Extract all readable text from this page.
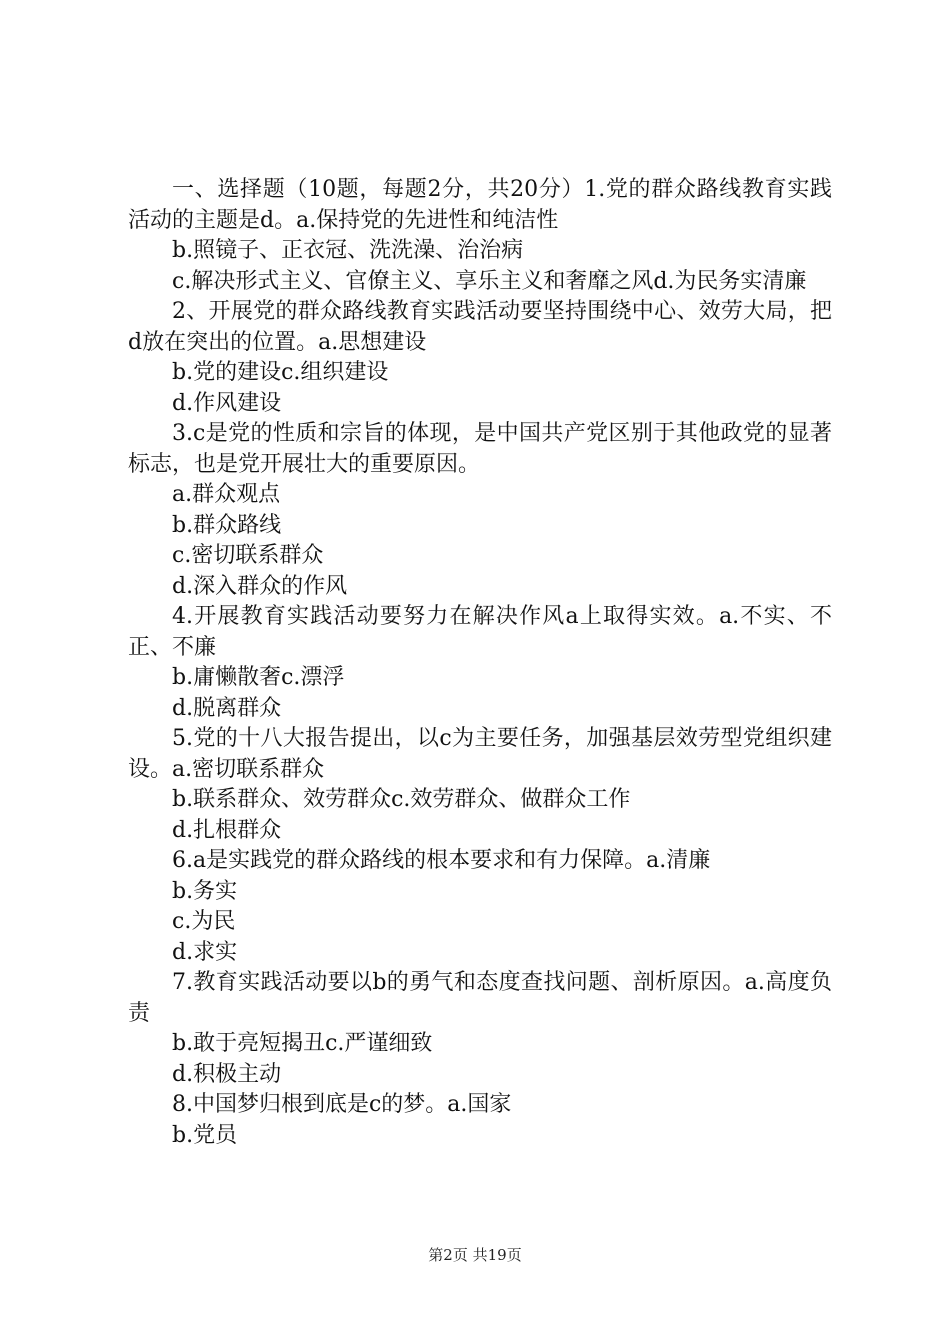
一、选择题（10题，每题2分，共20分）1.党的群众路线教育实践活动的主题是d。a.保持党的先进性和纯洁性

b.照镜子、正衣冠、洗洗澡、治治病

c.解决形式主义、官僚主义、享乐主义和奢靡之风d.为民务实清廉

2、开展党的群众路线教育实践活动要坚持围绕中心、效劳大局，把d放在突出的位置。a.思想建设

b.党的建设c.组织建设

d.作风建设

3.c是党的性质和宗旨的体现，是中国共产党区别于其他政党的显著标志，也是党开展壮大的重要原因。

a.群众观点

b.群众路线

c.密切联系群众

d.深入群众的作风

4.开展教育实践活动要努力在解决作风a上取得实效。a.不实、不正、不廉

b.庸懒散奢c.漂浮

d.脱离群众

5.党的十八大报告提出，以c为主要任务，加强基层效劳型党组织建设。a.密切联系群众

b.联系群众、效劳群众c.效劳群众、做群众工作

d.扎根群众

6.a是实践党的群众路线的根本要求和有力保障。a.清廉

b.务实

c.为民

d.求实

7.教育实践活动要以b的勇气和态度查找问题、剖析原因。a.高度负责

b.敢于亮短揭丑c.严谨细致

d.积极主动

8.中国梦归根到底是c的梦。a.国家

b.党员

第2页 共19页
